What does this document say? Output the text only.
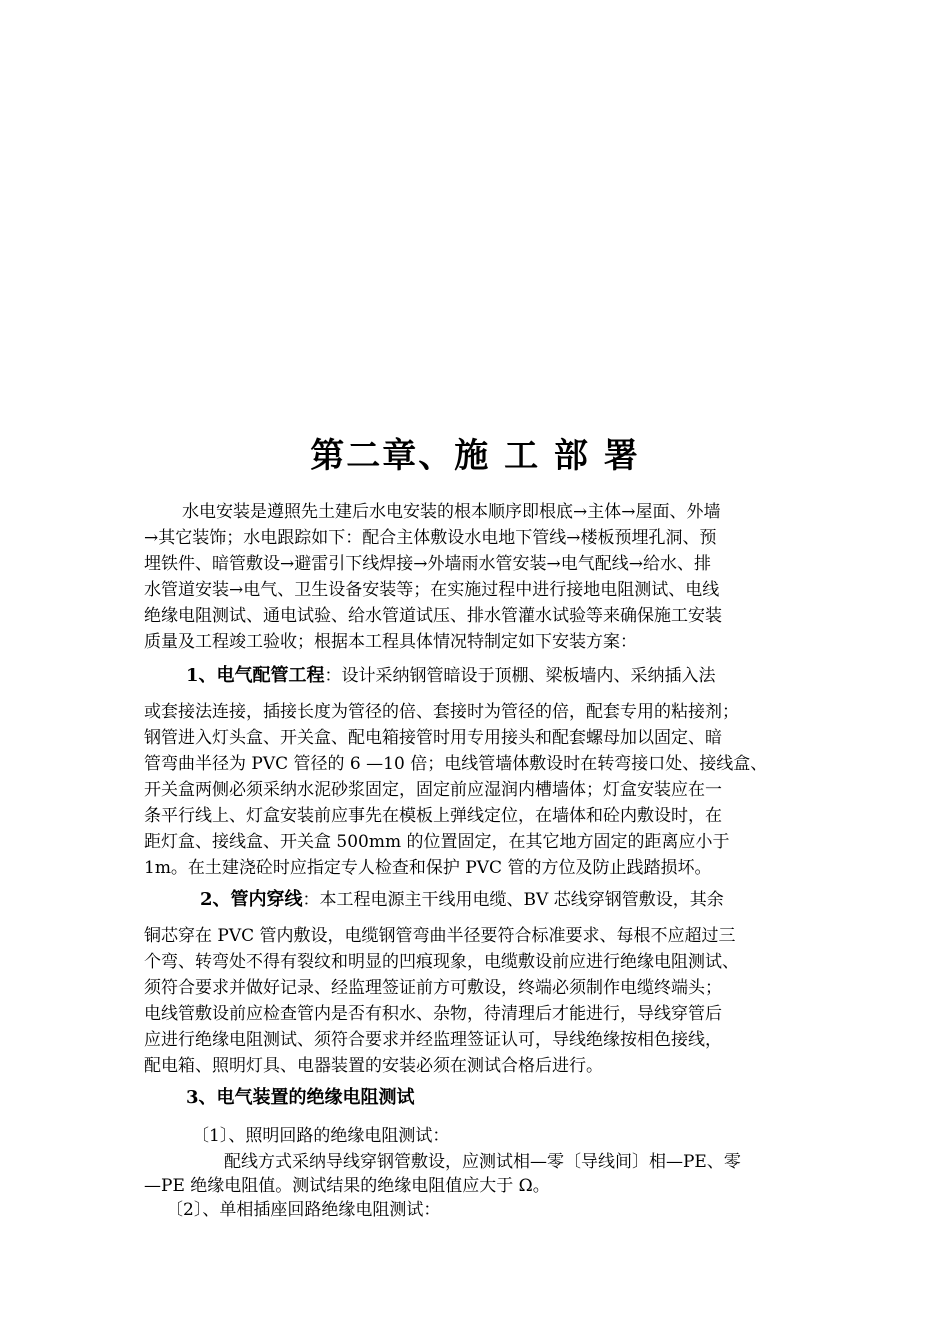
第二章、施 工 部 署
水电安装是遵照先土建后水电安装的根本顺序即根底→主体→屋面、外墙
→其它装饰；水电跟踪如下：配合主体敷设水电地下管线→楼板预埋孔洞、预
埋铁件、暗管敷设→避雷引下线焊接→外墙雨水管安装→电气配线→给水、排
水管道安装→电气、卫生设备安装等；在实施过程中进行接地电阻测试、电线
绝缘电阻测试、通电试验、给水管道试压、排水管灌水试验等来确保施工安装
质量及工程竣工验收；根据本工程具体情况特制定如下安装方案：
1、电气配管工程：设计采纳钢管暗设于顶棚、梁板墙内、采纳插入法
或套接法连接，插接长度为管径的倍、套接时为管径的倍，配套专用的粘接剂；
钢管进入灯头盒、开关盒、配电箱接管时用专用接头和配套螺母加以固定、暗
管弯曲半径为 PVC 管径的 6 —10 倍；电线管墙体敷设时在转弯接口处、接线盒、
开关盒两侧必须采纳水泥砂浆固定，固定前应湿润内槽墙体；灯盒安装应在一
条平行线上、灯盒安装前应事先在模板上弹线定位，在墙体和砼内敷设时，在
距灯盒、接线盒、开关盒 500mm 的位置固定，在其它地方固定的距离应小于
1m。在土建浇砼时应指定专人检查和保护 PVC 管的方位及防止践踏损坏。
2、管内穿线：本工程电源主干线用电缆、BV 芯线穿钢管敷设，其余
铜芯穿在 PVC 管内敷设，电缆钢管弯曲半径要符合标准要求、每根不应超过三
个弯、转弯处不得有裂纹和明显的凹痕现象，电缆敷设前应进行绝缘电阻测试、
须符合要求并做好记录、经监理签证前方可敷设，终端必须制作电缆终端头；
电线管敷设前应检查管内是否有积水、杂物，待清理后才能进行，导线穿管后
应进行绝缘电阻测试、须符合要求并经监理签证认可，导线绝缘按相色接线，
配电箱、照明灯具、电器装置的安装必须在测试合格后进行。
3、电气装置的绝缘电阻测试
〔1〕、照明回路的绝缘电阻测试：
配线方式采纳导线穿钢管敷设，应测试相—零〔导线间〕相—PE、零
—PE 绝缘电阻值。测试结果的绝缘电阻值应大于 Ω。
〔2〕、单相插座回路绝缘电阻测试：
